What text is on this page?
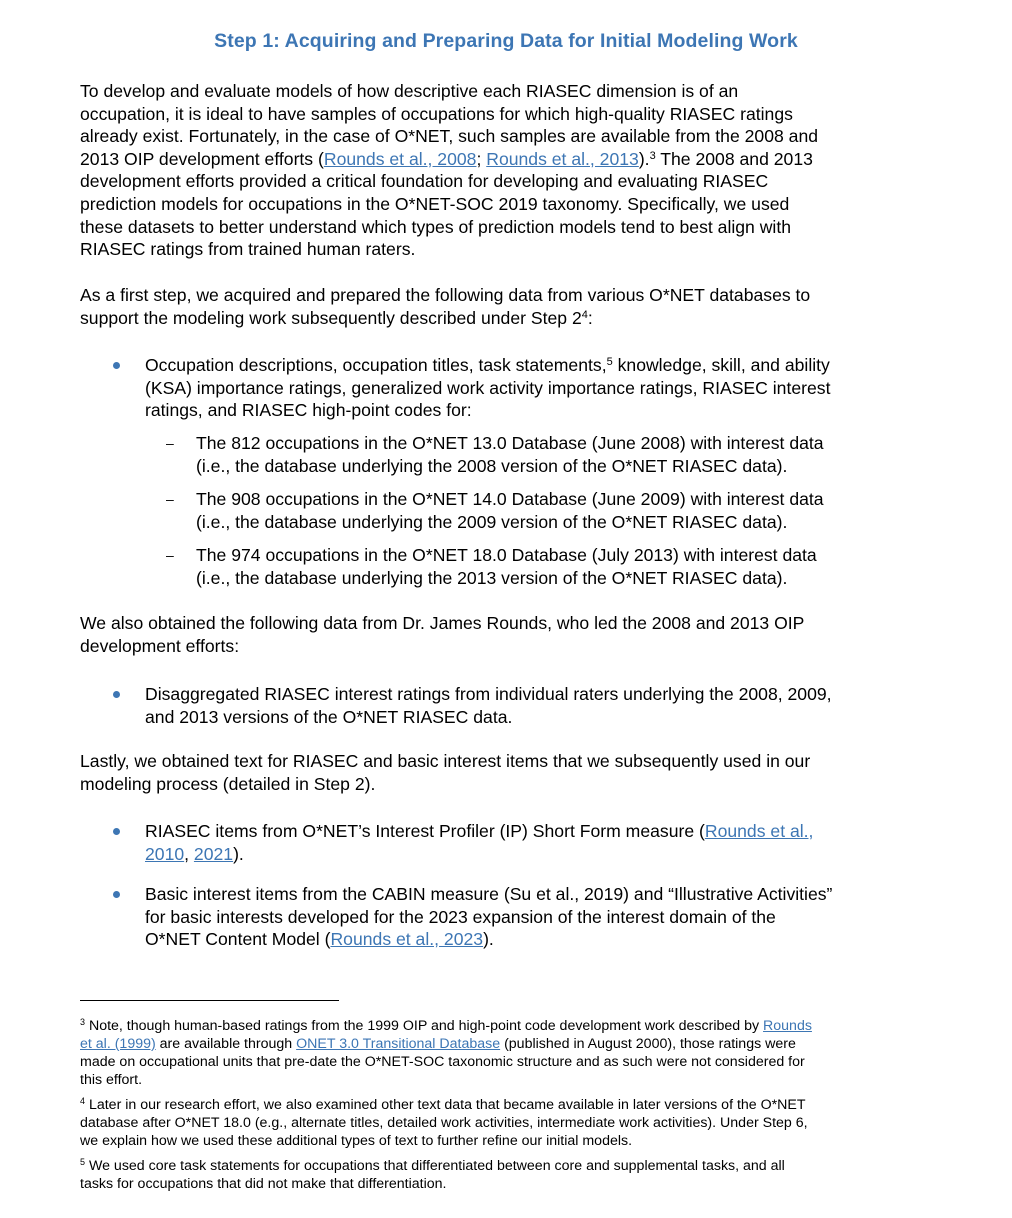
Step 1: Acquiring and Preparing Data for Initial Modeling Work
To develop and evaluate models of how descriptive each RIASEC dimension is of an
occupation, it is ideal to have samples of occupations for which high-quality RIASEC ratings
already exist. Fortunately, in the case of O*NET, such samples are available from the 2008 and
2013 OIP development efforts (Rounds et al., 2008; Rounds et al., 2013).$^3$ The 2008 and 2013
development efforts provided a critical foundation for developing and evaluating RIASEC
prediction models for occupations in the O*NET-SOC 2019 taxonomy. Specifically, we used
these datasets to better understand which types of prediction models tend to best align with
RIASEC ratings from trained human raters.
As a first step, we acquired and prepared the following data from various O*NET databases to
support the modeling work subsequently described under Step $2^4$:
Occupation descriptions, occupation titles, task statements,$^5$ knowledge, skill, and ability
(KSA) importance ratings, generalized work activity importance ratings, RIASEC interest
ratings, and RIASEC high-point codes for:
– The 812 occupations in the O*NET 13.0 Database (June 2008) with interest data
(i.e., the database underlying the 2008 version of the O*NET RIASEC data).
– The 908 occupations in the O*NET 14.0 Database (June 2009) with interest data
(i.e., the database underlying the 2009 version of the O*NET RIASEC data).
– The 974 occupations in the O*NET 18.0 Database (July 2013) with interest data
(i.e., the database underlying the 2013 version of the O*NET RIASEC data).
We also obtained the following data from Dr. James Rounds, who led the 2008 and 2013 OIP
development efforts:
Disaggregated RIASEC interest ratings from individual raters underlying the 2008, 2009,
and 2013 versions of the O*NET RIASEC data.
Lastly, we obtained text for RIASEC and basic interest items that we subsequently used in our
modeling process (detailed in Step 2).
RIASEC items from O*NET’s Interest Profiler (IP) Short Form measure (Rounds et al.,
2010, 2021).
Basic interest items from the CABIN measure (Su et al., 2019) and “Illustrative Activities”
for basic interests developed for the 2023 expansion of the interest domain of the
O*NET Content Model (Rounds et al., 2023).
$^3$ Note, though human-based ratings from the 1999 OIP and high-point code development work described by Rounds
et al. (1999) are available through ONET 3.0 Transitional Database (published in August 2000), those ratings were
made on occupational units that pre-date the O*NET-SOC taxonomic structure and as such were not considered for
this effort.
$^4$ Later in our research effort, we also examined other text data that became available in later versions of the O*NET
database after O*NET 18.0 (e.g., alternate titles, detailed work activities, intermediate work activities). Under Step 6,
we explain how we used these additional types of text to further refine our initial models.
$^5$ We used core task statements for occupations that differentiated between core and supplemental tasks, and all
tasks for occupations that did not make that differentiation.
